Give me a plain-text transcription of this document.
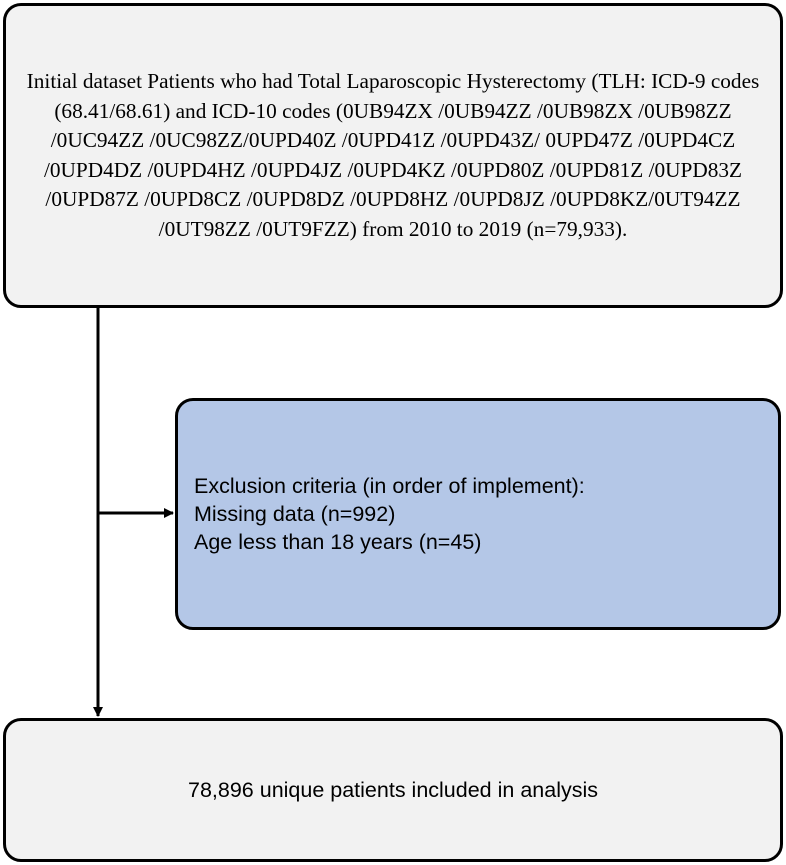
Initial dataset Patients who had Total Laparoscopic Hysterectomy (TLH: ICD-9 codes (68.41/68.61) and ICD-10 codes (0UB94ZX /0UB94ZZ /0UB98ZX /0UB98ZZ /0UC94ZZ /0UC98ZZ/0UPD40Z /0UPD41Z /0UPD43Z/ 0UPD47Z /0UPD4CZ /0UPD4DZ /0UPD4HZ /0UPD4JZ /0UPD4KZ /0UPD80Z /0UPD81Z /0UPD83Z /0UPD87Z /0UPD8CZ /0UPD8DZ /0UPD8HZ /0UPD8JZ /0UPD8KZ/0UT94ZZ /0UT98ZZ /0UT9FZZ) from 2010 to 2019 (n=79,933).
Exclusion criteria (in order of implement):
Missing data (n=992)
Age less than 18 years (n=45)
78,896 unique patients included in analysis
